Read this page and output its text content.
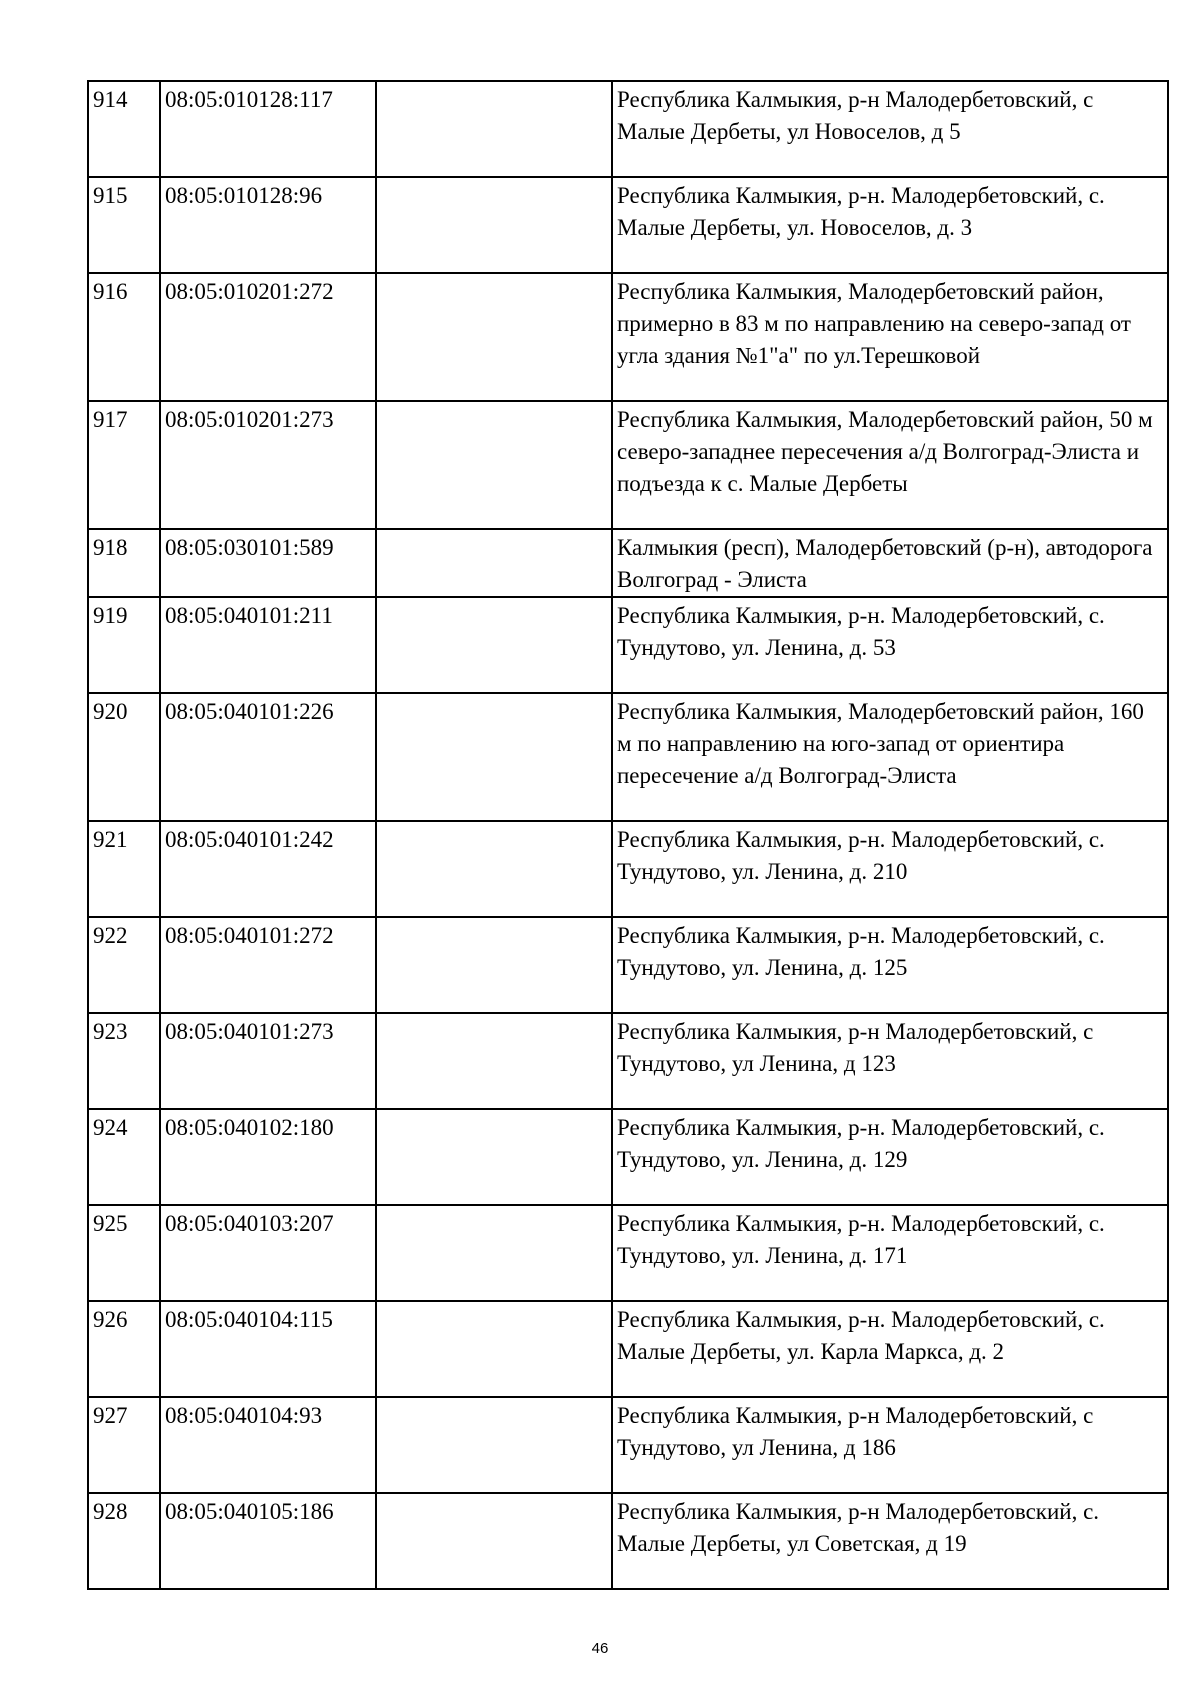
914	08:05:010128:117		Республика Калмыкия, р-н Малодербетовский, с Малые Дербеты, ул Новоселов, д 5
915	08:05:010128:96		Республика Калмыкия, р-н. Малодербетовский, с. Малые Дербеты, ул. Новоселов, д. 3
916	08:05:010201:272		Республика Калмыкия, Малодербетовский район, примерно в 83 м по направлению на северо-запад от угла здания №1"а" по ул.Терешковой
917	08:05:010201:273		Республика Калмыкия, Малодербетовский район, 50 м северо-западнее пересечения а/д Волгоград-Элиста и подъезда к с. Малые Дербеты
918	08:05:030101:589		Калмыкия (респ), Малодербетовский (р-н), автодорога Волгоград - Элиста
919	08:05:040101:211		Республика Калмыкия, р-н. Малодербетовский, с. Тундутово, ул. Ленина, д. 53
920	08:05:040101:226		Республика Калмыкия, Малодербетовский район, 160 м по направлению на юго-запад от ориентира пересечение а/д Волгоград-Элиста
921	08:05:040101:242		Республика Калмыкия, р-н. Малодербетовский, с. Тундутово, ул. Ленина, д. 210
922	08:05:040101:272		Республика Калмыкия, р-н. Малодербетовский, с. Тундутово, ул. Ленина, д. 125
923	08:05:040101:273		Республика Калмыкия, р-н Малодербетовский, с Тундутово, ул Ленина, д 123
924	08:05:040102:180		Республика Калмыкия, р-н. Малодербетовский, с. Тундутово, ул. Ленина, д. 129
925	08:05:040103:207		Республика Калмыкия, р-н. Малодербетовский, с. Тундутово, ул. Ленина, д. 171
926	08:05:040104:115		Республика Калмыкия, р-н. Малодербетовский, с. Малые Дербеты, ул. Карла Маркса, д. 2
927	08:05:040104:93		Республика Калмыкия, р-н Малодербетовский, с Тундутово, ул Ленина, д 186
928	08:05:040105:186		Республика Калмыкия, р-н Малодербетовский, с. Малые Дербеты, ул Советская, д 19
46
